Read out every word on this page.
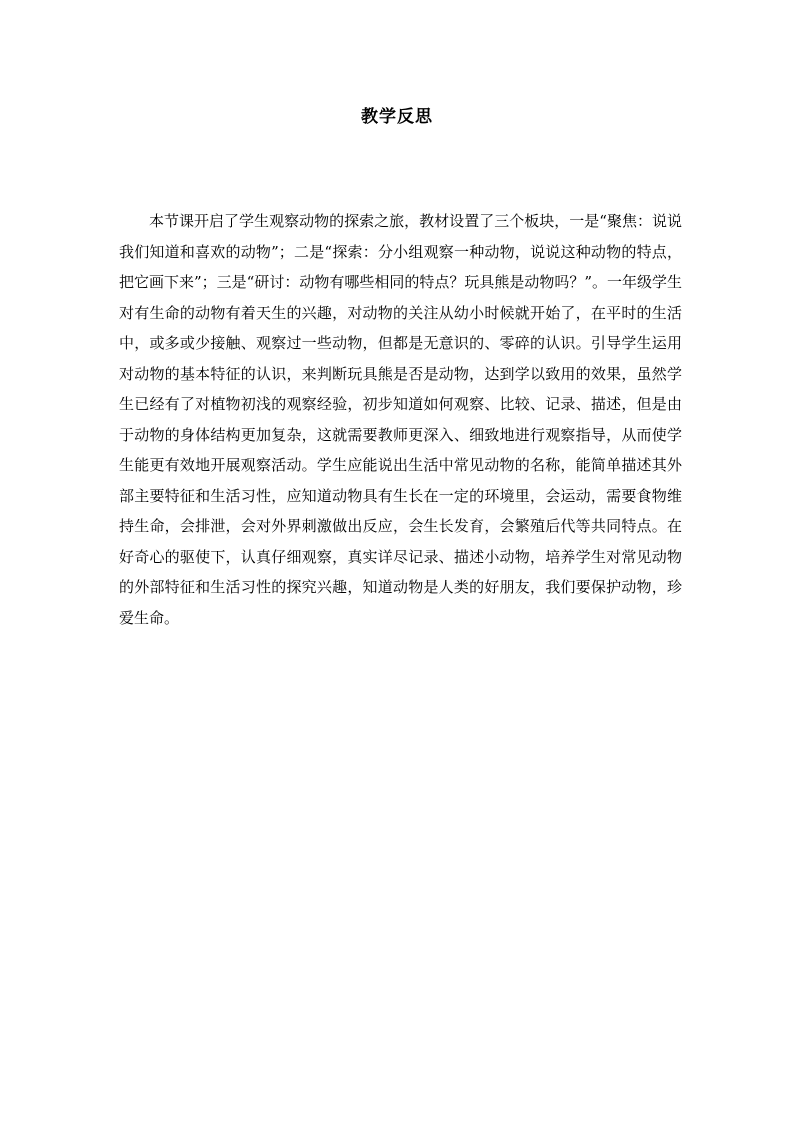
教学反思

本节课开启了学生观察动物的探索之旅，教材设置了三个板块，一是“聚焦：说说我们知道和喜欢的动物”；二是“探索：分小组观察一种动物，说说这种动物的特点，把它画下来”；三是“研讨：动物有哪些相同的特点？玩具熊是动物吗？”。一年级学生对有生命的动物有着天生的兴趣，对动物的关注从幼小时候就开始了，在平时的生活中，或多或少接触、观察过一些动物，但都是无意识的、零碎的认识。引导学生运用对动物的基本特征的认识，来判断玩具熊是否是动物，达到学以致用的效果，虽然学生已经有了对植物初浅的观察经验，初步知道如何观察、比较、记录、描述，但是由于动物的身体结构更加复杂，这就需要教师更深入、细致地进行观察指导，从而使学生能更有效地开展观察活动。学生应能说出生活中常见动物的名称，能简单描述其外部主要特征和生活习性，应知道动物具有生长在一定的环境里，会运动，需要食物维持生命，会排泄，会对外界刺激做出反应，会生长发育，会繁殖后代等共同特点。在好奇心的驱使下，认真仔细观察，真实详尽记录、描述小动物，培养学生对常见动物的外部特征和生活习性的探究兴趣，知道动物是人类的好朋友，我们要保护动物，珍爱生命。
